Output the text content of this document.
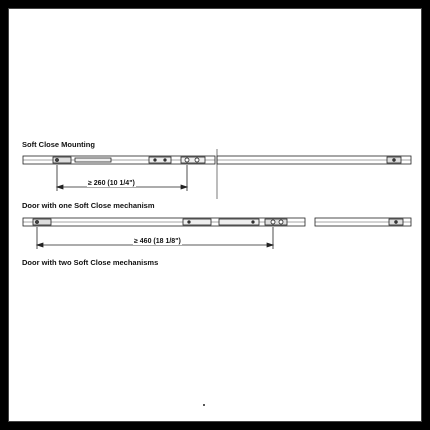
Soft Close Mounting
≥ 260 (10 1/4")
Door with one Soft Close mechanism
≥ 460 (18 1/8")
Door with two Soft Close mechanisms
